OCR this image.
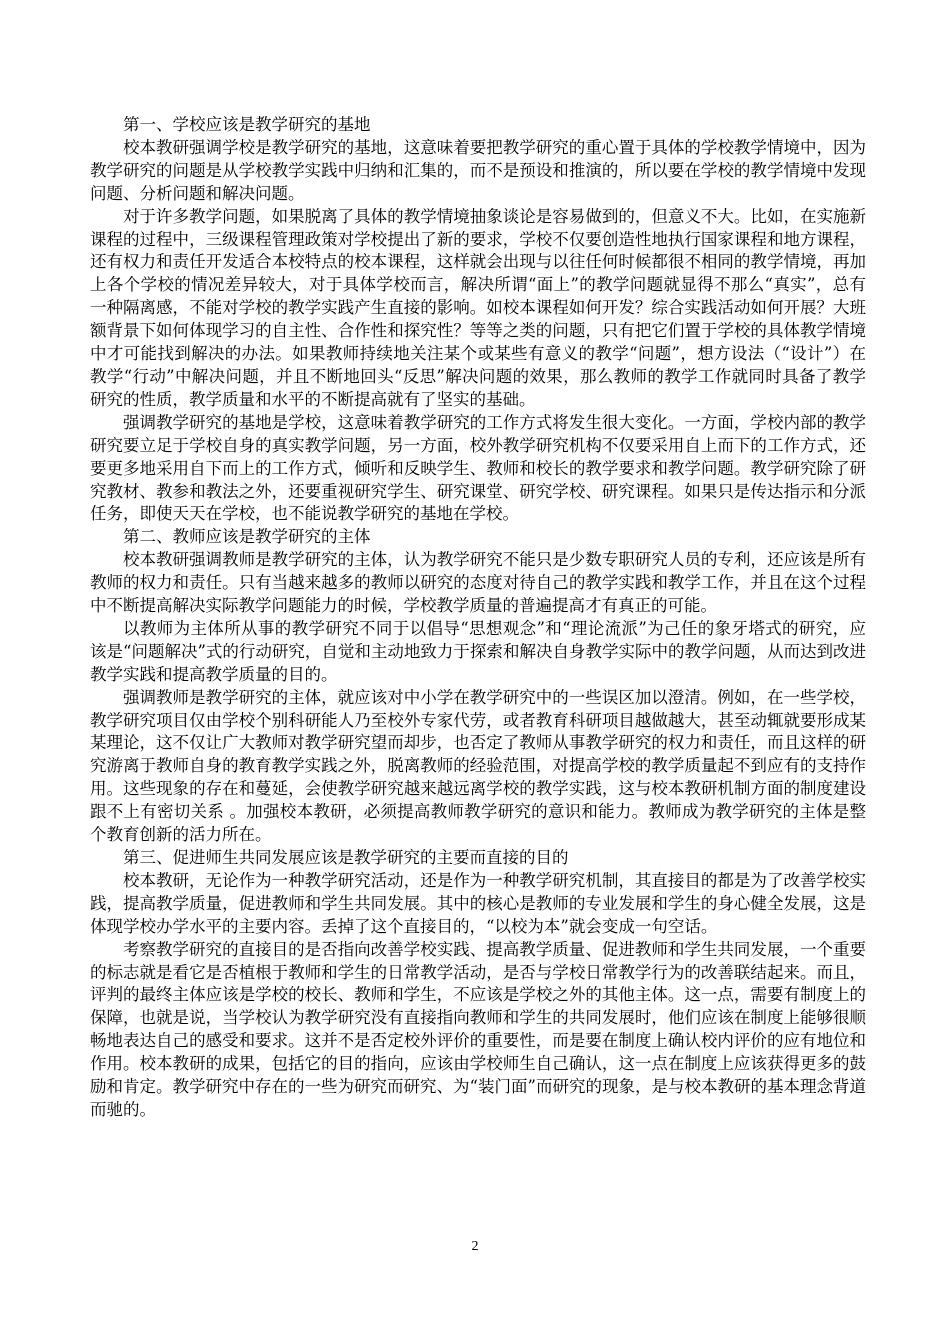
第一、学校应该是教学研究的基地

校本教研强调学校是教学研究的基地，这意味着要把教学研究的重心置于具体的学校教学情境中，因为教学研究的问题是从学校教学实践中归纳和汇集的，而不是预设和推演的，所以要在学校的教学情境中发现问题、分析问题和解决问题。

对于许多教学问题，如果脱离了具体的教学情境抽象谈论是容易做到的，但意义不大。比如，在实施新课程的过程中，三级课程管理政策对学校提出了新的要求，学校不仅要创造性地执行国家课程和地方课程，还有权力和责任开发适合本校特点的校本课程，这样就会出现与以往任何时候都很不相同的教学情境，再加上各个学校的情况差异较大，对于具体学校而言，解决所谓“面上”的教学问题就显得不那么“真实”，总有一种隔离感，不能对学校的教学实践产生直接的影响。如校本课程如何开发？综合实践活动如何开展？大班额背景下如何体现学习的自主性、合作性和探究性？等等之类的问题，只有把它们置于学校的具体教学情境中才可能找到解决的办法。如果教师持续地关注某个或某些有意义的教学“问题”，想方设法（“设计”）在教学“行动”中解决问题，并且不断地回头“反思”解决问题的效果，那么教师的教学工作就同时具备了教学研究的性质，教学质量和水平的不断提高就有了坚实的基础。

强调教学研究的基地是学校，这意味着教学研究的工作方式将发生很大变化。一方面，学校内部的教学研究要立足于学校自身的真实教学问题，另一方面，校外教学研究机构不仅要采用自上而下的工作方式，还要更多地采用自下而上的工作方式，倾听和反映学生、教师和校长的教学要求和教学问题。教学研究除了研究教材、教参和教法之外，还要重视研究学生、研究课堂、研究学校、研究课程。如果只是传达指示和分派任务，即使天天在学校，也不能说教学研究的基地在学校。

第二、教师应该是教学研究的主体

校本教研强调教师是教学研究的主体，认为教学研究不能只是少数专职研究人员的专利，还应该是所有教师的权力和责任。只有当越来越多的教师以研究的态度对待自己的教学实践和教学工作，并且在这个过程中不断提高解决实际教学问题能力的时候，学校教学质量的普遍提高才有真正的可能。

以教师为主体所从事的教学研究不同于以倡导“思想观念”和“理论流派”为己任的象牙塔式的研究，应该是“问题解决”式的行动研究，自觉和主动地致力于探索和解决自身教学实际中的教学问题，从而达到改进教学实践和提高教学质量的目的。

强调教师是教学研究的主体，就应该对中小学在教学研究中的一些误区加以澄清。例如，在一些学校，教学研究项目仅由学校个别科研能人乃至校外专家代劳，或者教育科研项目越做越大，甚至动辄就要形成某某理论，这不仅让广大教师对教学研究望而却步，也否定了教师从事教学研究的权力和责任，而且这样的研究游离于教师自身的教育教学实践之外，脱离教师的经验范围，对提高学校的教学质量起不到应有的支持作用。这些现象的存在和蔓延，会使教学研究越来越远离学校的教学实践，这与校本教研机制方面的制度建设跟不上有密切关系 。加强校本教研，必须提高教师教学研究的意识和能力。教师成为教学研究的主体是整个教育创新的活力所在。

第三、促进师生共同发展应该是教学研究的主要而直接的目的

校本教研，无论作为一种教学研究活动，还是作为一种教学研究机制，其直接目的都是为了改善学校实践，提高教学质量，促进教师和学生共同发展。其中的核心是教师的专业发展和学生的身心健全发展，这是体现学校办学水平的主要内容。丢掉了这个直接目的，“以校为本”就会变成一句空话。

考察教学研究的直接目的是否指向改善学校实践、提高教学质量、促进教师和学生共同发展，一个重要的标志就是看它是否植根于教师和学生的日常教学活动，是否与学校日常教学行为的改善联结起来。而且，评判的最终主体应该是学校的校长、教师和学生，不应该是学校之外的其他主体。这一点，需要有制度上的保障，也就是说，当学校认为教学研究没有直接指向教师和学生的共同发展时，他们应该在制度上能够很顺畅地表达自己的感受和要求。这并不是否定校外评价的重要性，而是要在制度上确认校内评价的应有地位和作用。校本教研的成果，包括它的目的指向，应该由学校师生自己确认，这一点在制度上应该获得更多的鼓励和肯定。教学研究中存在的一些为研究而研究、为“装门面”而研究的现象，是与校本教研的基本理念背道而驰的。

2
